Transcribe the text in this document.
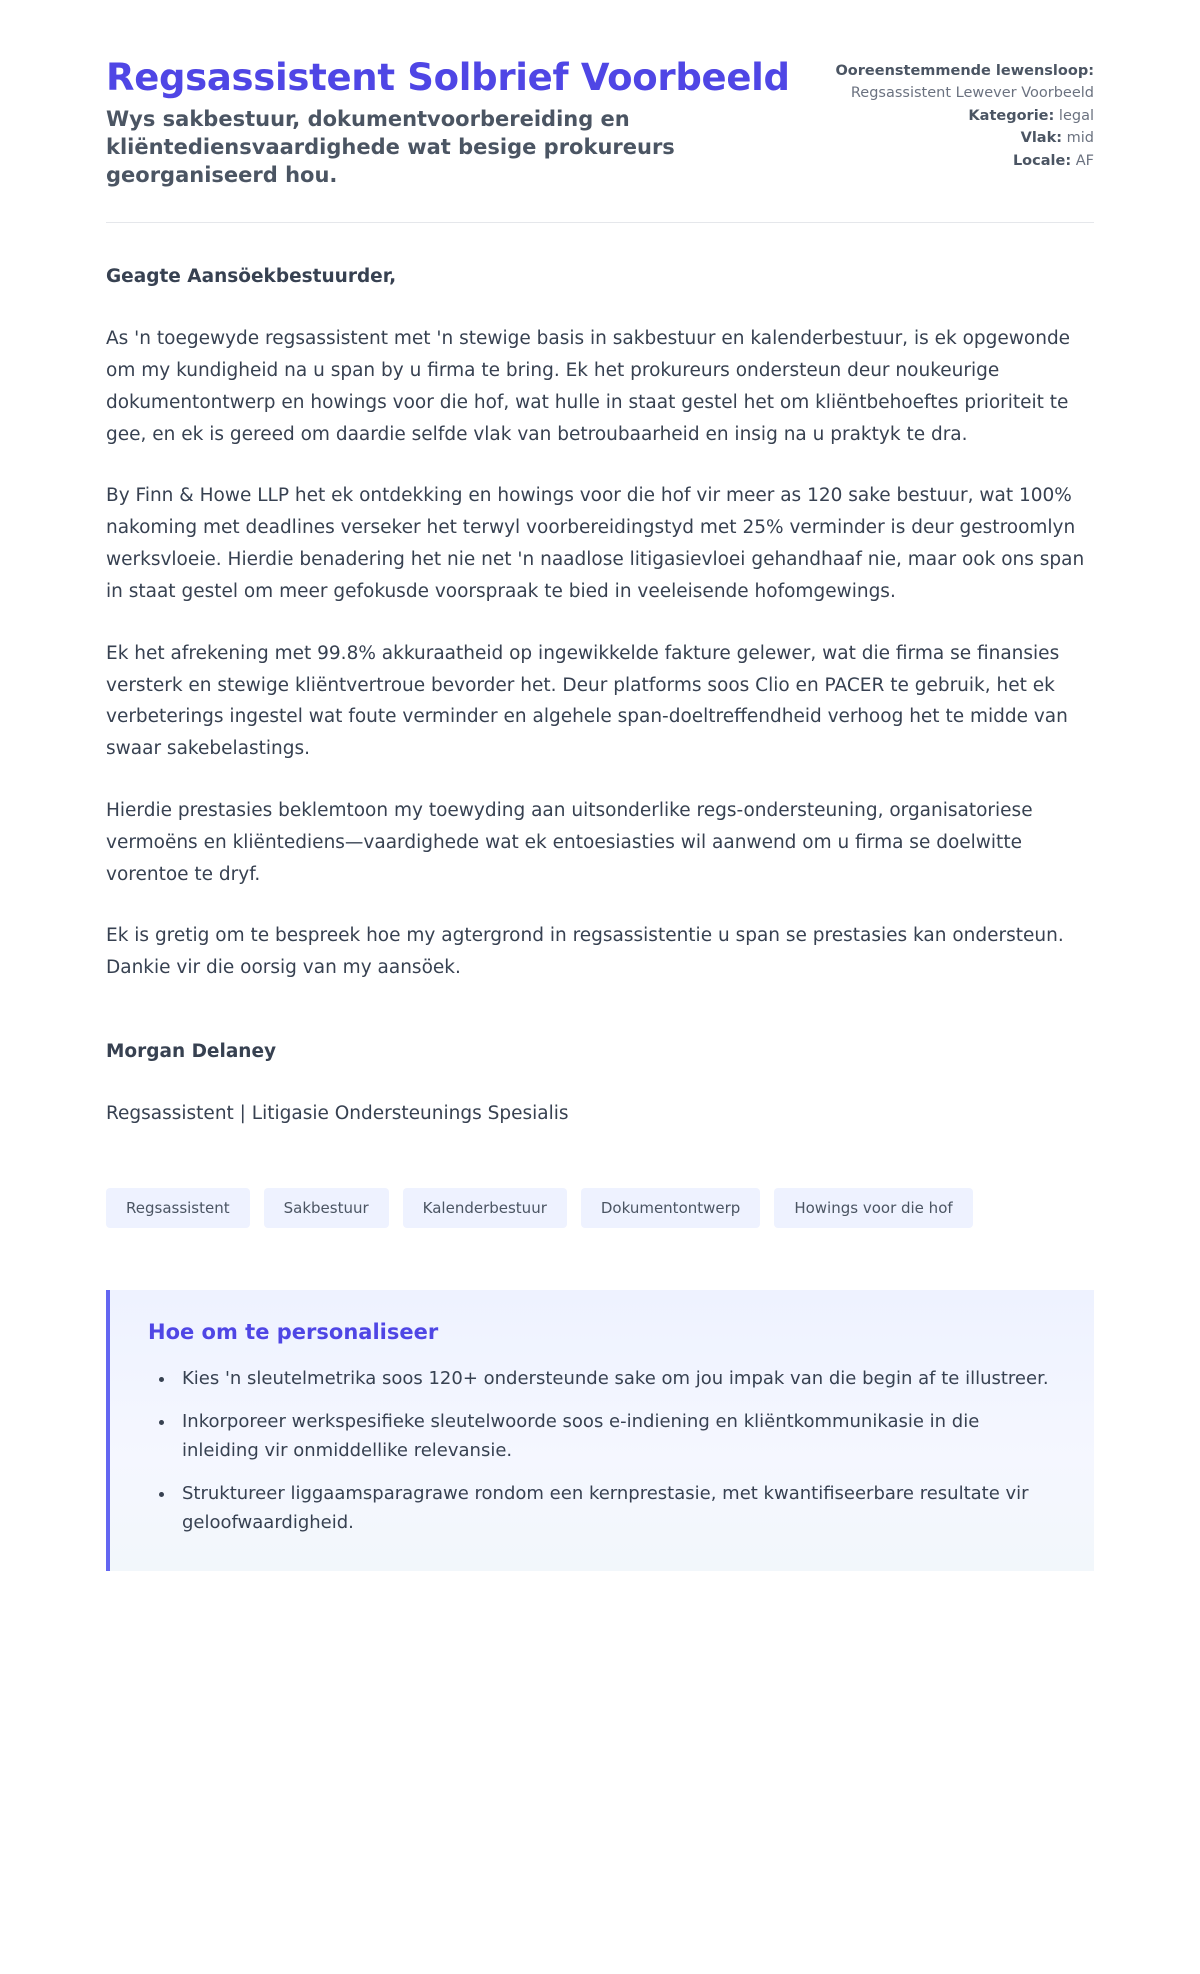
Regsassistent Solbrief Voorbeeld

Wys sakbestuur, dokumentvoorbereiding en kliëntediensvaardighede wat besige prokureurs georganiseerd hou.

Ooreenstemmende lewensloop: Regsassistent Lewever Voorbeeld
Kategorie: legal
Vlak: mid
Locale: AF

Geagte Aansöekbestuurder,

As 'n toegewyde regsassistent met 'n stewige basis in sakbestuur en kalenderbestuur, is ek opgewonde om my kundigheid na u span by u firma te bring. Ek het prokureurs ondersteun deur noukeurige dokumentontwerp en howings voor die hof, wat hulle in staat gestel het om kliëntbehoeftes prioriteit te gee, en ek is gereed om daardie selfde vlak van betroubaarheid en insig na u praktyk te dra.

By Finn & Howe LLP het ek ontdekking en howings voor die hof vir meer as 120 sake bestuur, wat 100% nakoming met deadlines verseker het terwyl voorbereidingstyd met 25% verminder is deur gestroomlyn werksvloeie. Hierdie benadering het nie net 'n naadlose litigasievloei gehandhaaf nie, maar ook ons span in staat gestel om meer gefokusde voorspraak te bied in veeleisende hofomgewings.

Ek het afrekening met 99.8% akkuraatheid op ingewikkelde fakture gelewer, wat die firma se finansies versterk en stewige kliëntvertroue bevorder het. Deur platforms soos Clio en PACER te gebruik, het ek verbeterings ingestel wat foute verminder en algehele span-doeltreffendheid verhoog het te midde van swaar sakebelastings.

Hierdie prestasies beklemtoon my toewyding aan uitsonderlike regs-ondersteuning, organisatoriese vermoëns en kliëntediens—vaardighede wat ek entoesiasties wil aanwend om u firma se doelwitte vorentoe te dryf.

Ek is gretig om te bespreek hoe my agtergrond in regsassistentie u span se prestasies kan ondersteun. Dankie vir die oorsig van my aansöek.

Morgan Delaney

Regsassistent | Litigasie Ondersteunings Spesialis

Regsassistent	Sakbestuur	Kalenderbestuur	Dokumentontwerp	Howings voor die hof
Hoe om te personaliseer
• Kies 'n sleutelmetrika soos 120+ ondersteunde sake om jou impak van die begin af te illustreer.
• Inkorporeer werkspesifieke sleutelwoorde soos e-indiening en kliëntkommunikasie in die inleiding vir onmiddellike relevansie.
• Struktureer liggaamsparagrawe rondom een kernprestasie, met kwantifiseerbare resultate vir geloofwaardigheid.
